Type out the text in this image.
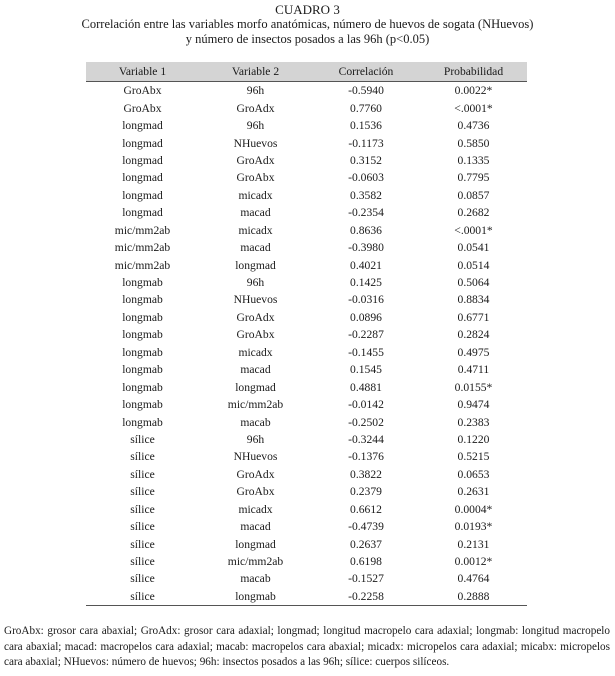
CUADRO 3
Correlación entre las variables morfo anatómicas, número de huevos de sogata (NHuevos)
y número de insectos posados a las 96h (p<0.05)
Variable 1	Variable 2	Correlación	Probabilidad
GroAbx	96h	-0.5940	0.0022*
GroAbx	GroAdx	0.7760	<.0001*
longmad	96h	0.1536	0.4736
longmad	NHuevos	-0.1173	0.5850
longmad	GroAdx	0.3152	0.1335
longmad	GroAbx	-0.0603	0.7795
longmad	micadx	0.3582	0.0857
longmad	macad	-0.2354	0.2682
mic/mm2ab	micadx	0.8636	<.0001*
mic/mm2ab	macad	-0.3980	0.0541
mic/mm2ab	longmad	0.4021	0.0514
longmab	96h	0.1425	0.5064
longmab	NHuevos	-0.0316	0.8834
longmab	GroAdx	0.0896	0.6771
longmab	GroAbx	-0.2287	0.2824
longmab	micadx	-0.1455	0.4975
longmab	macad	0.1545	0.4711
longmab	longmad	0.4881	0.0155*
longmab	mic/mm2ab	-0.0142	0.9474
longmab	macab	-0.2502	0.2383
sílice	96h	-0.3244	0.1220
sílice	NHuevos	-0.1376	0.5215
sílice	GroAdx	0.3822	0.0653
sílice	GroAbx	0.2379	0.2631
sílice	micadx	0.6612	0.0004*
sílice	macad	-0.4739	0.0193*
sílice	longmad	0.2637	0.2131
sílice	mic/mm2ab	0.6198	0.0012*
sílice	macab	-0.1527	0.4764
sílice	longmab	-0.2258	0.2888
GroAbx: grosor cara abaxial; GroAdx: grosor cara adaxial; longmad; longitud macropelo cara adaxial; longmab: longitud macropelo cara abaxial; macad: macropelos cara adaxial; macab: macropelos cara abaxial; micadx: micropelos cara adaxial; micabx: micropelos cara abaxial; NHuevos: número de huevos; 96h: insectos posados a las 96h; sílice: cuerpos silíceos.
